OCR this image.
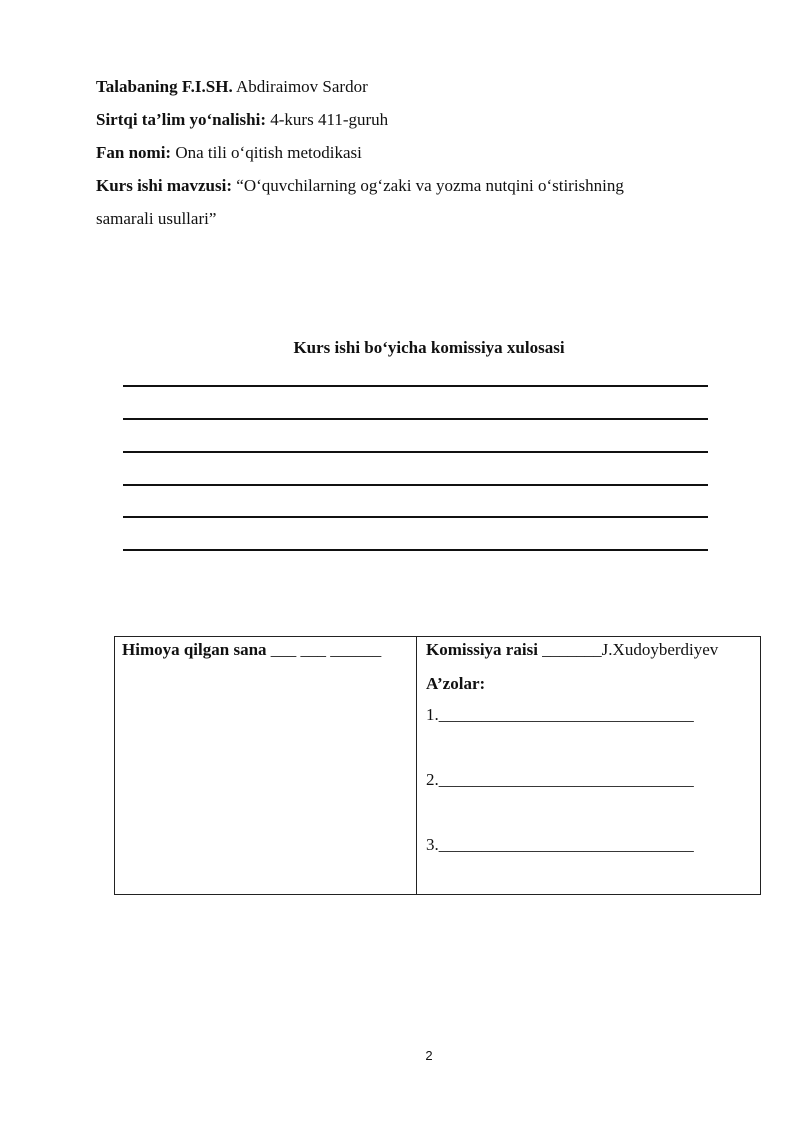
Talabaning F.I.SH. Abdiraimov Sardor
Sirtqi ta’lim yo‘nalishi: 4-kurs 411-guruh
Fan nomi: Ona tili o‘qitish metodikasi
Kurs ishi mavzusi: “O‘quvchilarning og‘zaki va yozma nutqini o‘stirishning
samarali usullari”
Kurs ishi bo‘yicha komissiya xulosasi
Himoya qilgan sana ___ ___ ______	Komissiya raisi _______J.Xudoyberdiyev
A’zolar:
1.______________________________
2.______________________________
3.______________________________
2
